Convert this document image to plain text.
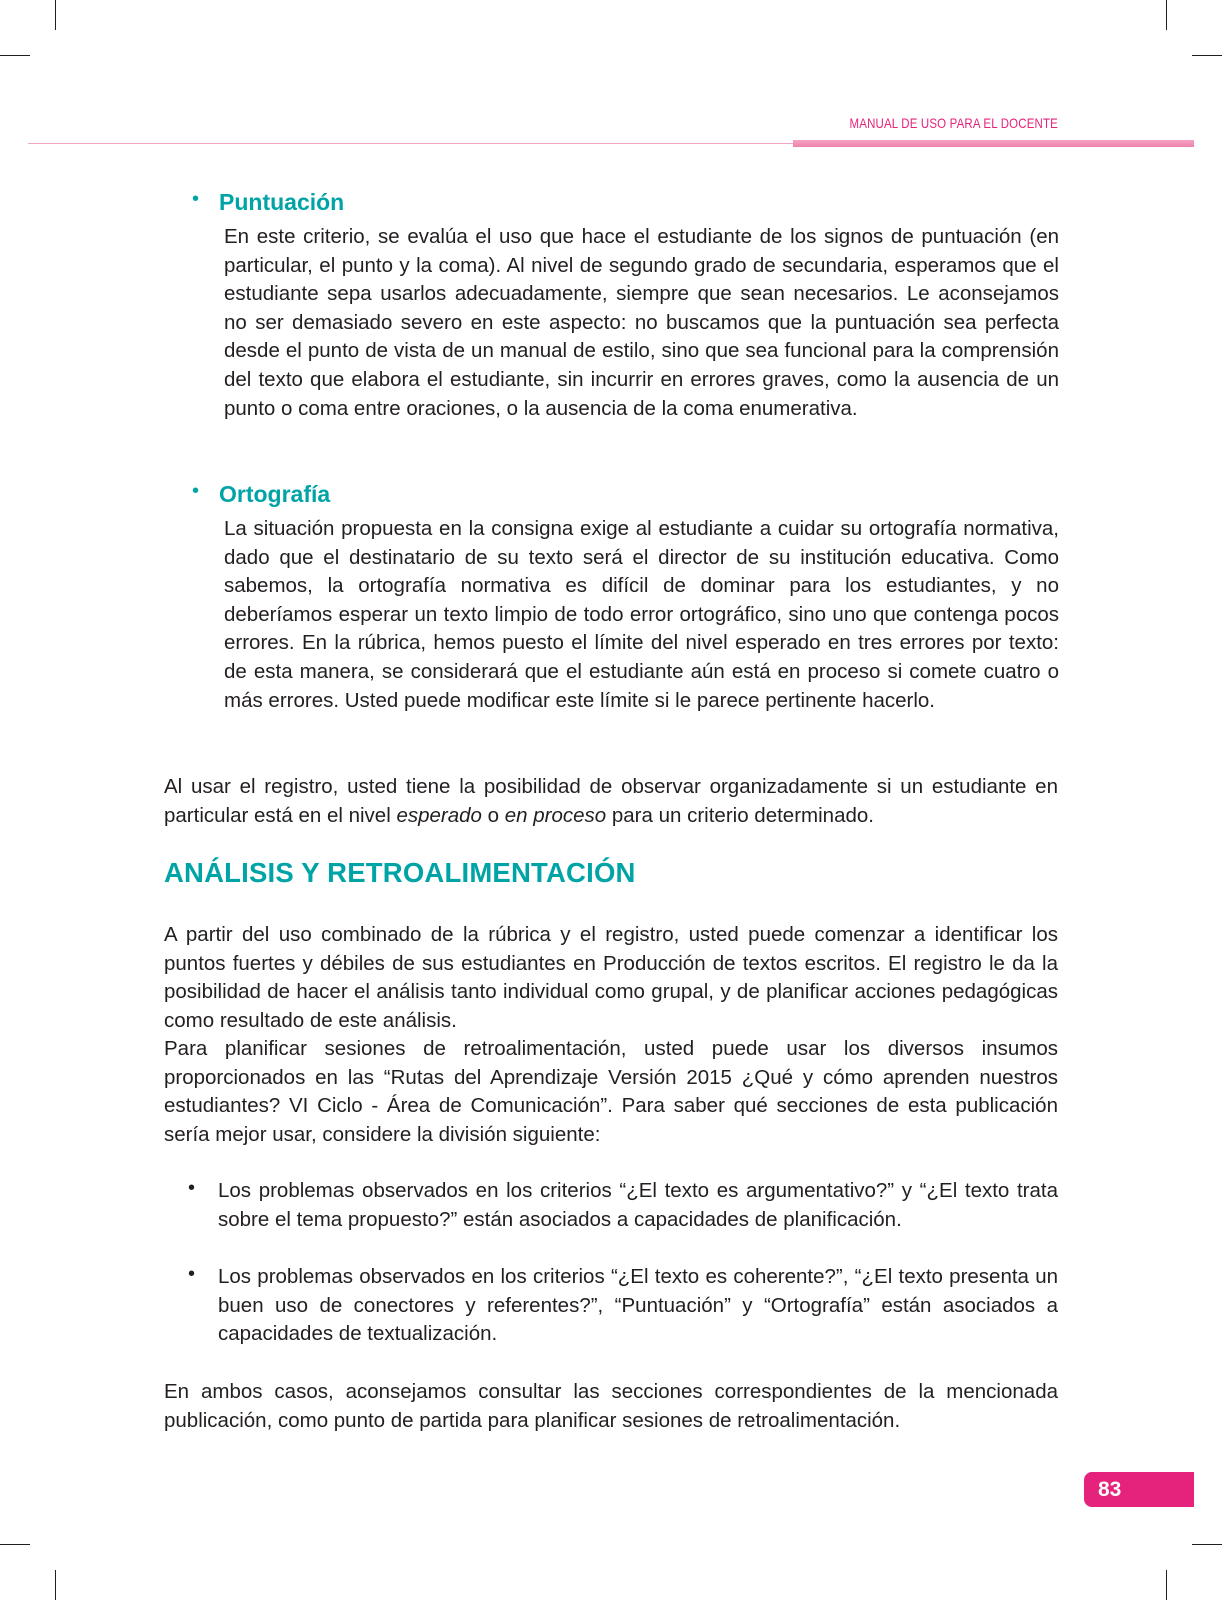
MANUAL DE USO PARA EL DOCENTE
• Puntuación

En este criterio, se evalúa el uso que hace el estudiante de los signos de puntuación (en particular, el punto y la coma). Al nivel de segundo grado de secundaria, esperamos que el estudiante sepa usarlos adecuadamente, siempre que sean necesarios. Le aconsejamos no ser demasiado severo en este aspecto: no buscamos que la puntuación sea perfecta desde el punto de vista de un manual de estilo, sino que sea funcional para la comprensión del texto que elabora el estudiante, sin incurrir en errores graves, como la ausencia de un punto o coma entre oraciones, o la ausencia de la coma enumerativa.

• Ortografía

La situación propuesta en la consigna exige al estudiante a cuidar su ortografía normativa, dado que el destinatario de su texto será el director de su institución educativa. Como sabemos, la ortografía normativa es difícil de dominar para los estudiantes, y no deberíamos esperar un texto limpio de todo error ortográfico, sino uno que contenga pocos errores. En la rúbrica, hemos puesto el límite del nivel esperado en tres errores por texto: de esta manera, se considerará que el estudiante aún está en proceso si comete cuatro o más errores. Usted puede modificar este límite si le parece pertinente hacerlo.

Al usar el registro, usted tiene la posibilidad de observar organizadamente si un estudiante en particular está en el nivel esperado o en proceso para un criterio determinado.

ANÁLISIS Y RETROALIMENTACIÓN

A partir del uso combinado de la rúbrica y el registro, usted puede comenzar a identificar los puntos fuertes y débiles de sus estudiantes en Producción de textos escritos. El registro le da la posibilidad de hacer el análisis tanto individual como grupal, y de planificar acciones pedagógicas como resultado de este análisis.

Para planificar sesiones de retroalimentación, usted puede usar los diversos insumos proporcionados en las “Rutas del Aprendizaje Versión 2015 ¿Qué y cómo aprenden nuestros estudiantes? VI Ciclo - Área de Comunicación”. Para saber qué secciones de esta publicación sería mejor usar, considere la división siguiente:

• Los problemas observados en los criterios “¿El texto es argumentativo?” y “¿El texto trata sobre el tema propuesto?” están asociados a capacidades de planificación.

• Los problemas observados en los criterios “¿El texto es coherente?”, “¿El texto presenta un buen uso de conectores y referentes?”, “Puntuación” y “Ortografía” están asociados a capacidades de textualización.

En ambos casos, aconsejamos consultar las secciones correspondientes de la mencionada publicación, como punto de partida para planificar sesiones de retroalimentación.

83
